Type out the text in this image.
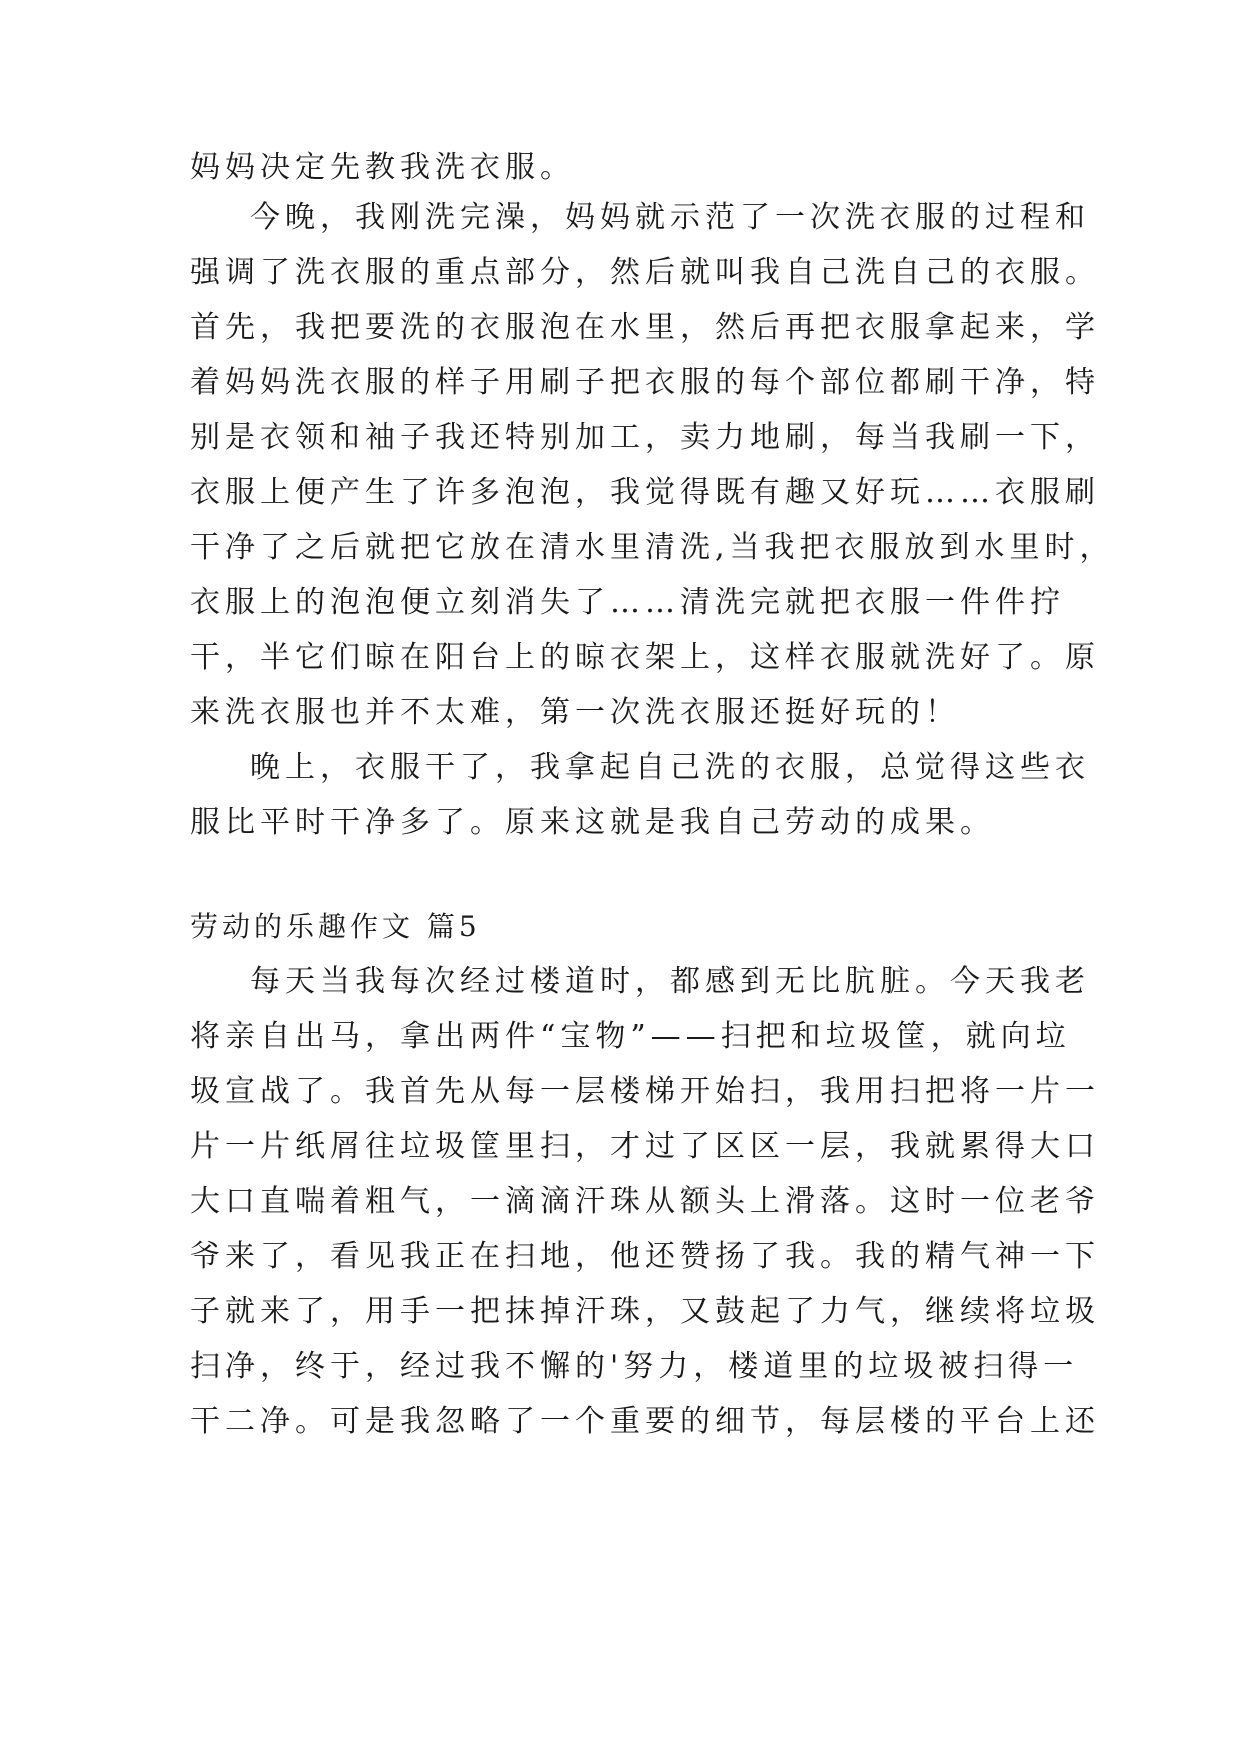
妈妈决定先教我洗衣服。
今晚，我刚洗完澡，妈妈就示范了一次洗衣服的过程和
强调了洗衣服的重点部分，然后就叫我自己洗自己的衣服。
首先，我把要洗的衣服泡在水里，然后再把衣服拿起来，学
着妈妈洗衣服的样子用刷子把衣服的每个部位都刷干净，特
别是衣领和袖子我还特别加工，卖力地刷，每当我刷一下，
衣服上便产生了许多泡泡，我觉得既有趣又好玩……衣服刷
干净了之后就把它放在清水里清洗,当我把衣服放到水里时，
衣服上的泡泡便立刻消失了……清洗完就把衣服一件件拧
干，半它们晾在阳台上的晾衣架上，这样衣服就洗好了。原
来洗衣服也并不太难，第一次洗衣服还挺好玩的！
晚上，衣服干了，我拿起自己洗的衣服，总觉得这些衣
服比平时干净多了。原来这就是我自己劳动的成果。
劳动的乐趣作文 篇5
每天当我每次经过楼道时，都感到无比肮脏。今天我老
将亲自出马，拿出两件“宝物”——扫把和垃圾筐，就向垃
圾宣战了。我首先从每一层楼梯开始扫，我用扫把将一片一
片一片纸屑往垃圾筐里扫，才过了区区一层，我就累得大口
大口直喘着粗气，一滴滴汗珠从额头上滑落。这时一位老爷
爷来了，看见我正在扫地，他还赞扬了我。我的精气神一下
子就来了，用手一把抹掉汗珠，又鼓起了力气，继续将垃圾
扫净，终于，经过我不懈的'努力，楼道里的垃圾被扫得一
干二净。可是我忽略了一个重要的细节，每层楼的平台上还
